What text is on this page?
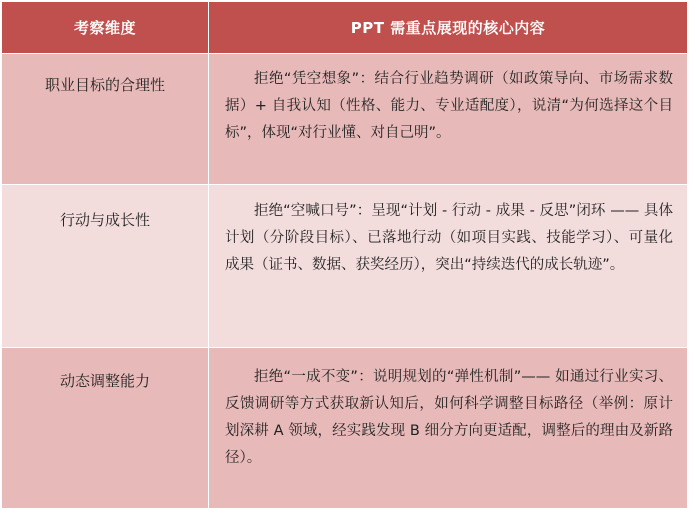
考察维度	PPT 需重点展现的核心内容
职业目标的合理性	拒绝“凭空想象”：结合行业趋势调研（如政策导向、市场需求数据）+ 自我认知（性格、能力、专业适配度），说清“为何选择这个目标”，体现“对行业懂、对自己明”。
行动与成长性	拒绝“空喊口号”：呈现“计划 - 行动 - 成果 - 反思”闭环 —— 具体计划（分阶段目标）、已落地行动（如项目实践、技能学习）、可量化成果（证书、数据、获奖经历），突出“持续迭代的成长轨迹”。
动态调整能力	拒绝“一成不变”：说明规划的“弹性机制”—— 如通过行业实习、反馈调研等方式获取新认知后，如何科学调整目标路径（举例：原计划深耕 A 领域，经实践发现 B 细分方向更适配，调整后的理由及新路径）。
